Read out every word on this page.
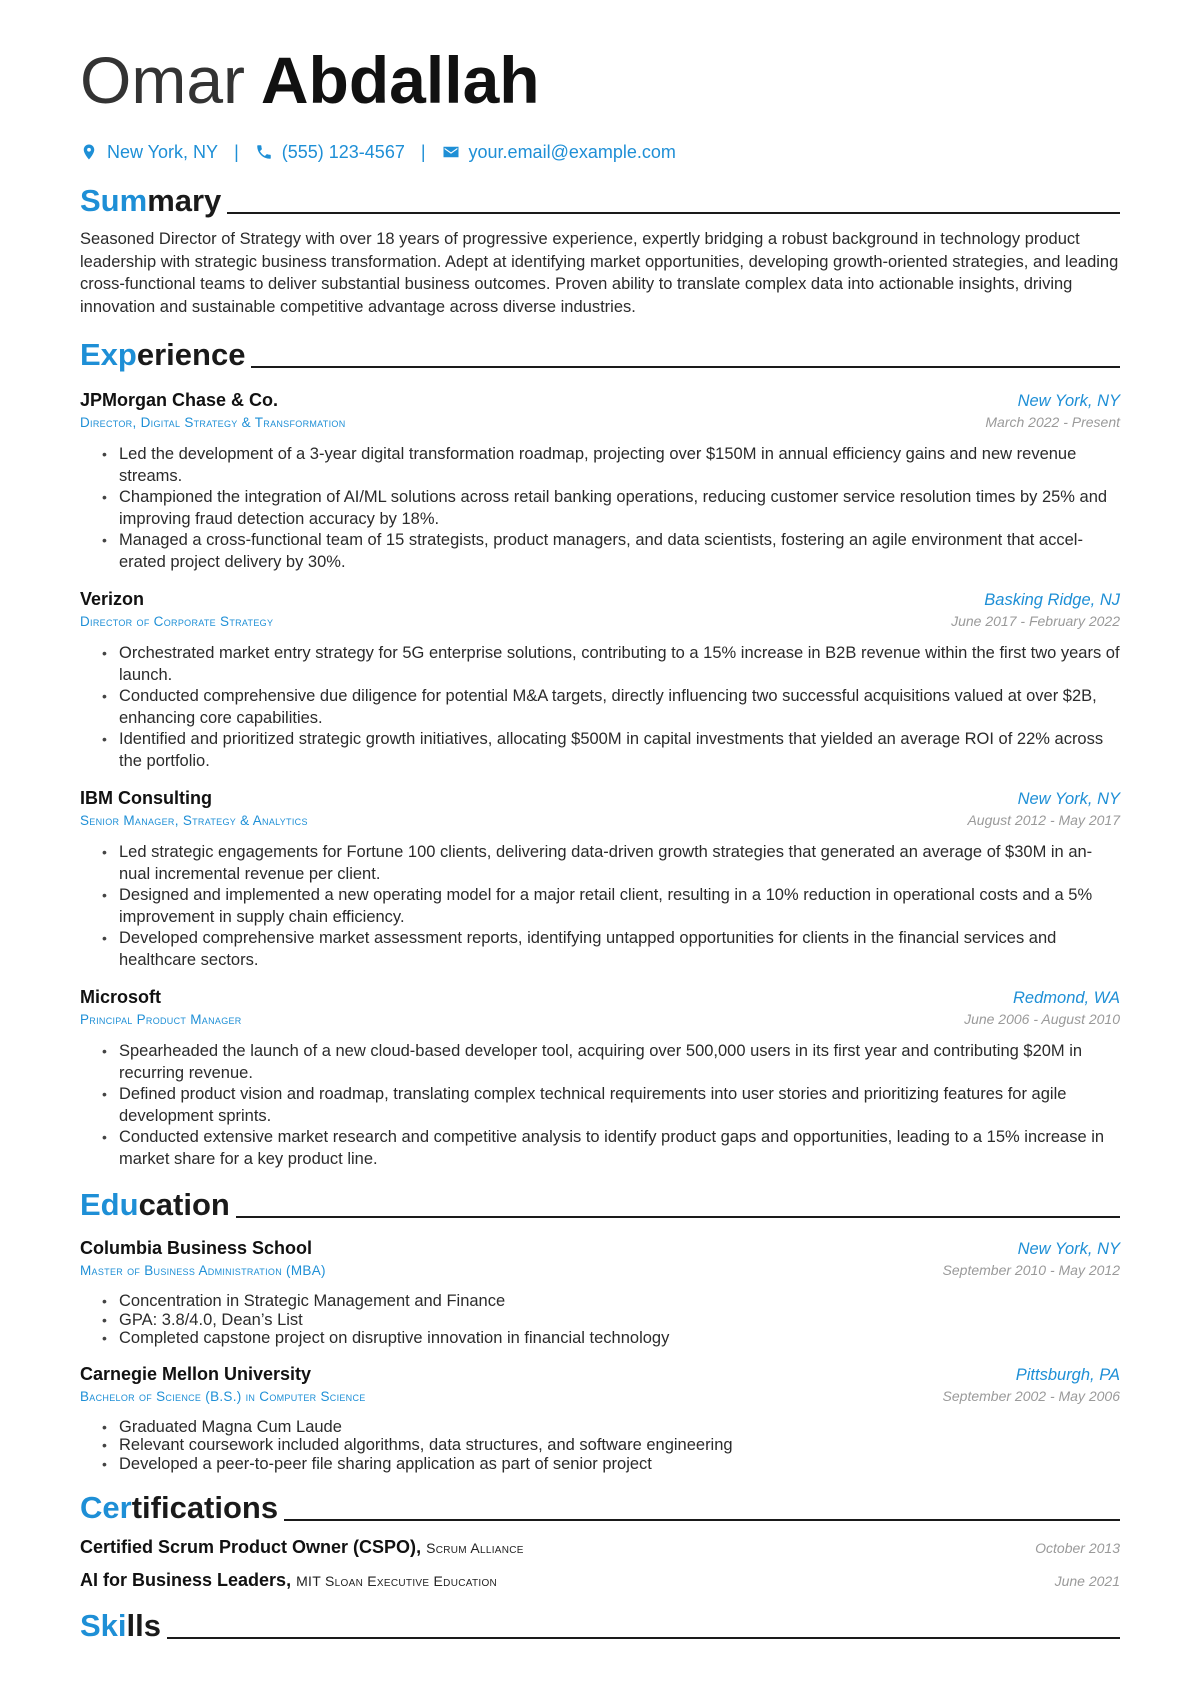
Omar Abdallah
New York, NY | (555) 123-4567 | your.email@example.com
Summary
Seasoned Director of Strategy with over 18 years of progressive experience, expertly bridging a robust background in technology product leadership with strategic business transformation. Adept at identifying market opportunities, developing growth-oriented strategies, and leading cross-functional teams to deliver substantial business outcomes. Proven ability to translate complex data into actionable insights, driving innovation and sustainable competitive advantage across diverse industries.
Experience
JPMorgan Chase & Co.	New York, NY
Director, Digital Strategy & Transformation	March 2022 - Present
• Led the development of a 3-year digital transformation roadmap, projecting over $150M in annual efficiency gains and new revenue streams.
• Championed the integration of AI/ML solutions across retail banking operations, reducing customer service resolution times by 25% and improving fraud detection accuracy by 18%.
• Managed a cross-functional team of 15 strategists, product managers, and data scientists, fostering an agile environment that accel-erated project delivery by 30%.
Verizon	Basking Ridge, NJ
Director of Corporate Strategy	June 2017 - February 2022
• Orchestrated market entry strategy for 5G enterprise solutions, contributing to a 15% increase in B2B revenue within the first two years of launch.
• Conducted comprehensive due diligence for potential M&A targets, directly influencing two successful acquisitions valued at over $2B, enhancing core capabilities.
• Identified and prioritized strategic growth initiatives, allocating $500M in capital investments that yielded an average ROI of 22% across the portfolio.
IBM Consulting	New York, NY
Senior Manager, Strategy & Analytics	August 2012 - May 2017
• Led strategic engagements for Fortune 100 clients, delivering data-driven growth strategies that generated an average of $30M in an-nual incremental revenue per client.
• Designed and implemented a new operating model for a major retail client, resulting in a 10% reduction in operational costs and a 5% improvement in supply chain efficiency.
• Developed comprehensive market assessment reports, identifying untapped opportunities for clients in the financial services and healthcare sectors.
Microsoft	Redmond, WA
Principal Product Manager	June 2006 - August 2010
• Spearheaded the launch of a new cloud-based developer tool, acquiring over 500,000 users in its first year and contributing $20M in recurring revenue.
• Defined product vision and roadmap, translating complex technical requirements into user stories and prioritizing features for agile development sprints.
• Conducted extensive market research and competitive analysis to identify product gaps and opportunities, leading to a 15% increase in market share for a key product line.
Education
Columbia Business School	New York, NY
Master of Business Administration (MBA)	September 2010 - May 2012
• Concentration in Strategic Management and Finance
• GPA: 3.8/4.0, Dean’s List
• Completed capstone project on disruptive innovation in financial technology
Carnegie Mellon University	Pittsburgh, PA
Bachelor of Science (B.S.) in Computer Science	September 2002 - May 2006
• Graduated Magna Cum Laude
• Relevant coursework included algorithms, data structures, and software engineering
• Developed a peer-to-peer file sharing application as part of senior project
Certifications
Certified Scrum Product Owner (CSPO), Scrum Alliance	October 2013
AI for Business Leaders, MIT Sloan Executive Education	June 2021
Skills
